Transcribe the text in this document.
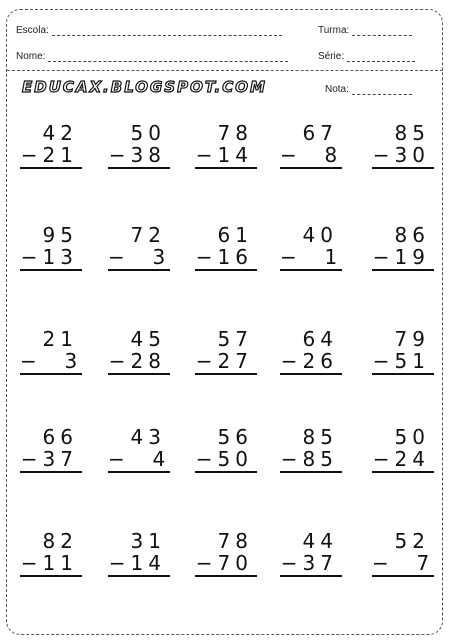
Escola:	Turma:
Nome:	Série:
EDUCAX.BLOGSPOT.COM	Nota:
42
−21
50
−38
78
−14
67
−  8
85
−30
95
−13
72
−  3
61
−16
40
−  1
86
−19
21
−  3
45
−28
57
−27
64
−26
79
−51
66
−37
43
−  4
56
−50
85
−85
50
−24
82
−11
31
−14
78
−70
44
−37
52
−  7
